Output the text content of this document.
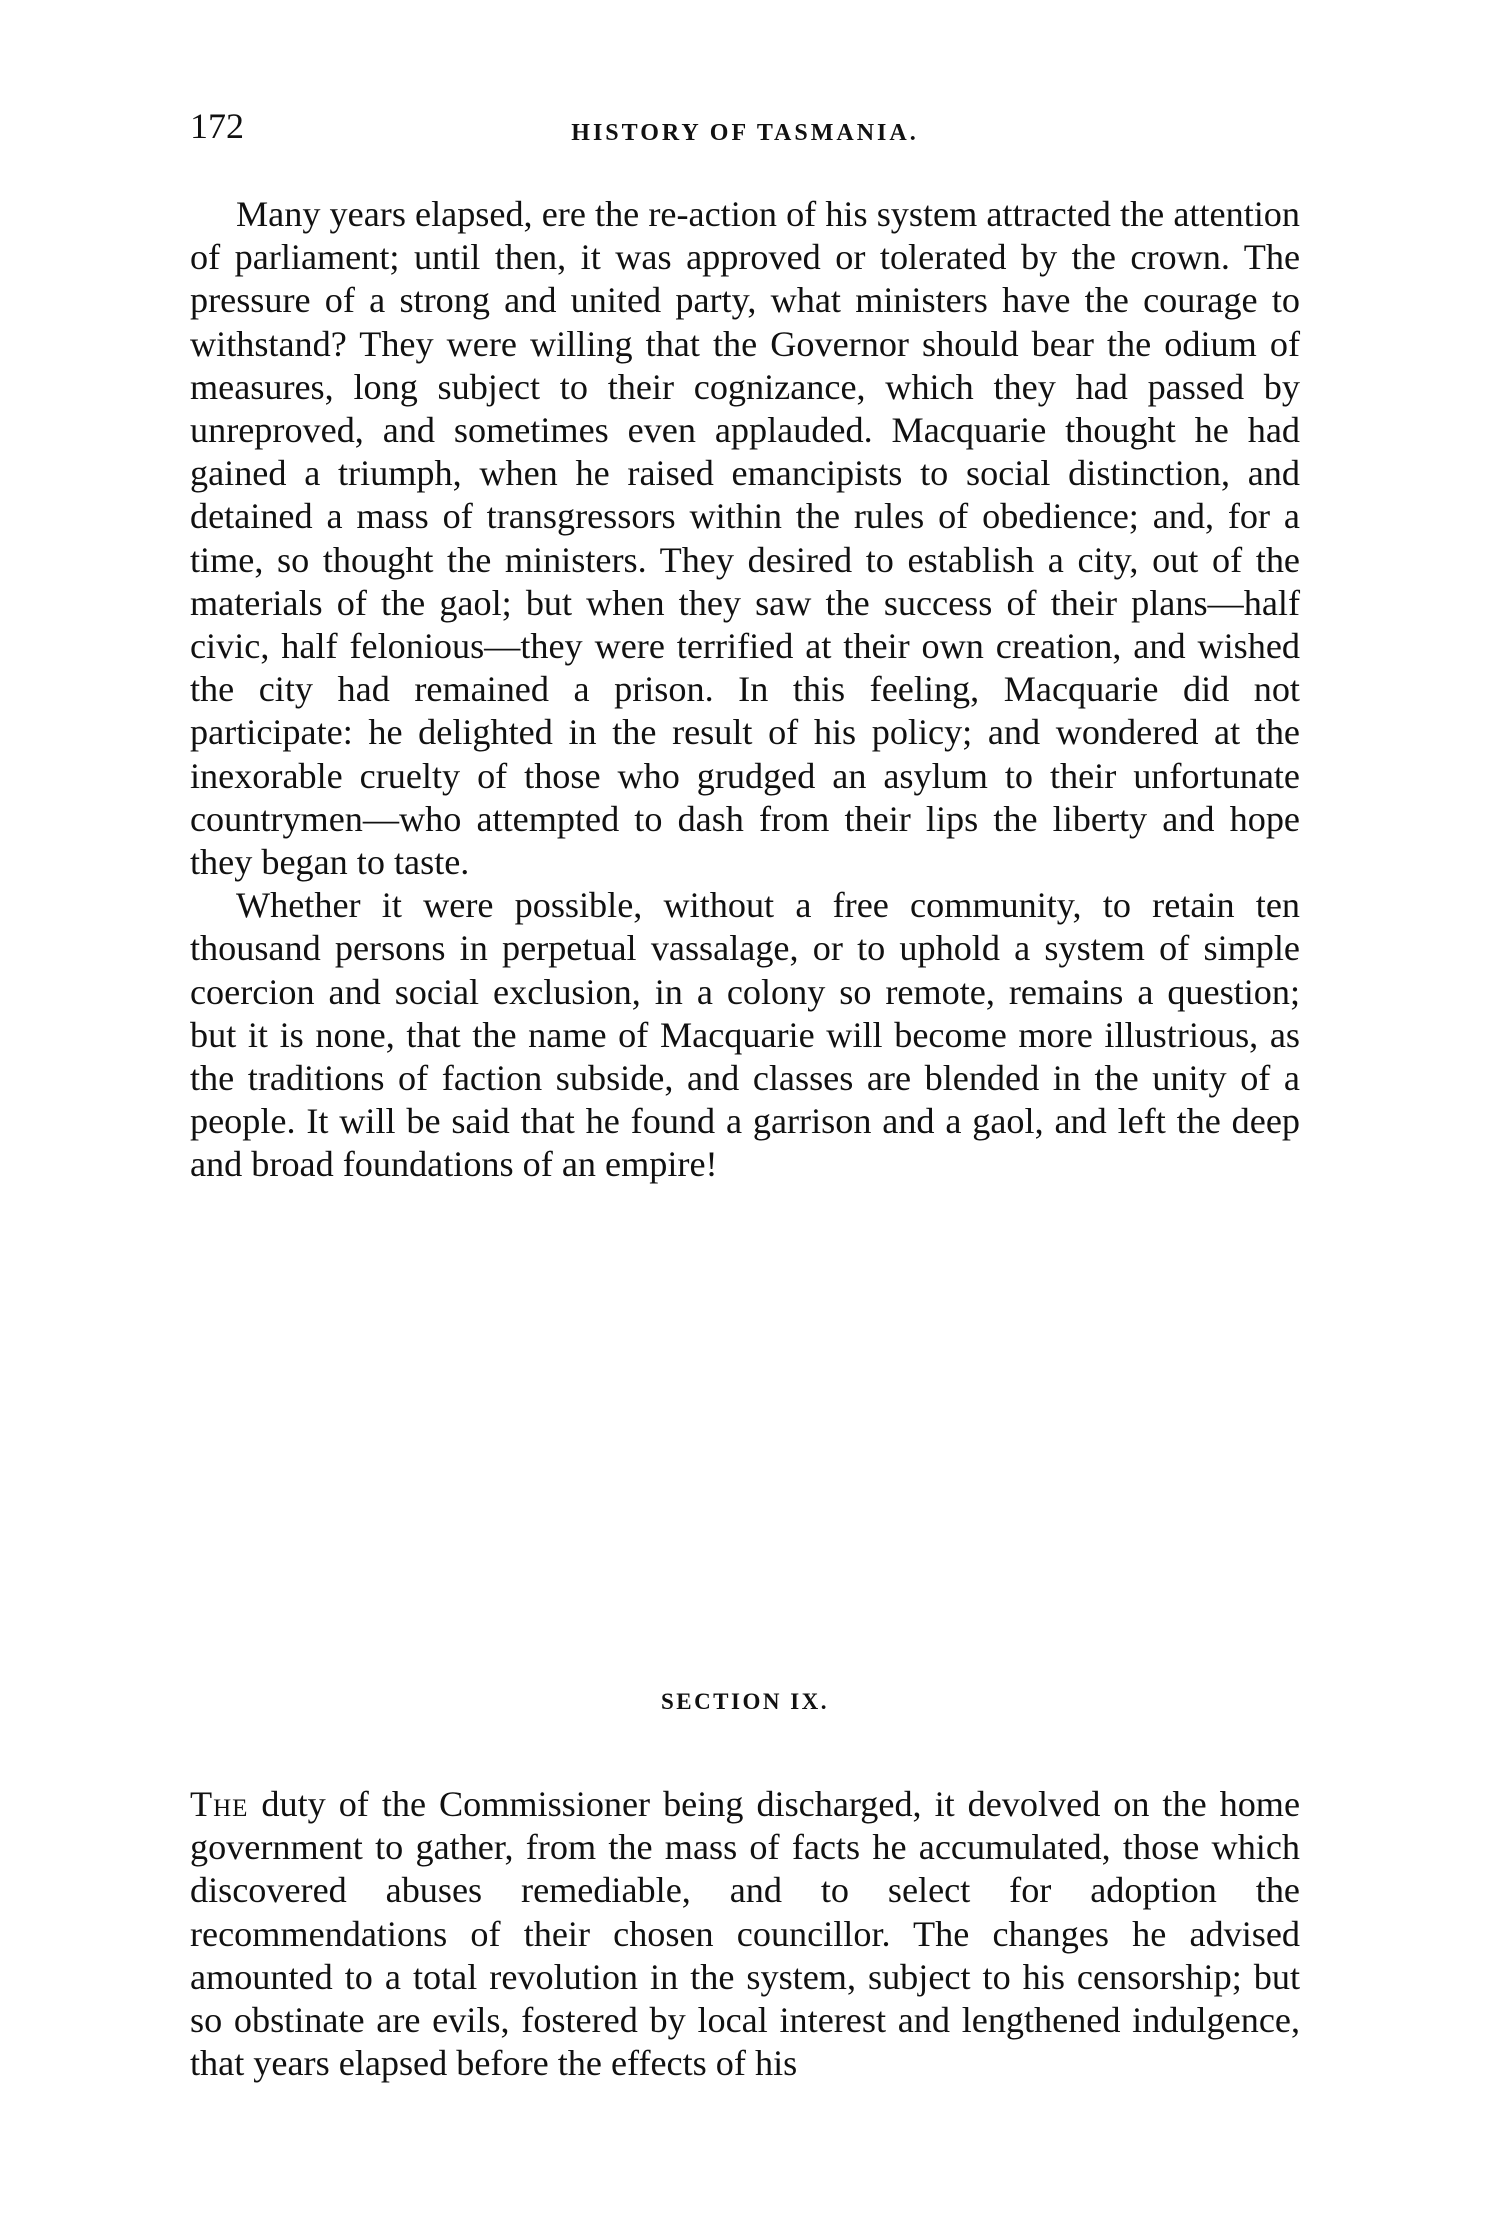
172	HISTORY OF TASMANIA.

Many years elapsed, ere the re-action of his system attracted the attention of parliament; until then, it was approved or tolerated by the crown. The pressure of a strong and united party, what ministers have the courage to withstand? They were willing that the Governor should bear the odium of measures, long subject to their cognizance, which they had passed by unreproved, and sometimes even applauded. Macquarie thought he had gained a triumph, when he raised emancipists to social distinction, and detained a mass of transgressors within the rules of obedience; and, for a time, so thought the ministers. They desired to establish a city, out of the materials of the gaol; but when they saw the success of their plans—half civic, half felonious—they were terrified at their own creation, and wished the city had remained a prison. In this feeling, Macquarie did not participate: he delighted in the result of his policy; and wondered at the inexorable cruelty of those who grudged an asylum to their unfortunate countrymen—who attempted to dash from their lips the liberty and hope they began to taste.

Whether it were possible, without a free community, to retain ten thousand persons in perpetual vassalage, or to uphold a system of simple coercion and social exclusion, in a colony so remote, remains a question; but it is none, that the name of Macquarie will become more illustrious, as the traditions of faction subside, and classes are blended in the unity of a people. It will be said that he found a garrison and a gaol, and left the deep and broad foundations of an empire!

SECTION IX.

The duty of the Commissioner being discharged, it devolved on the home government to gather, from the mass of facts he accumulated, those which discovered abuses remediable, and to select for adoption the recommendations of their chosen councillor. The changes he advised amounted to a total revolution in the system, subject to his censorship; but so obstinate are evils, fostered by local interest and lengthened indulgence, that years elapsed before the effects of his
